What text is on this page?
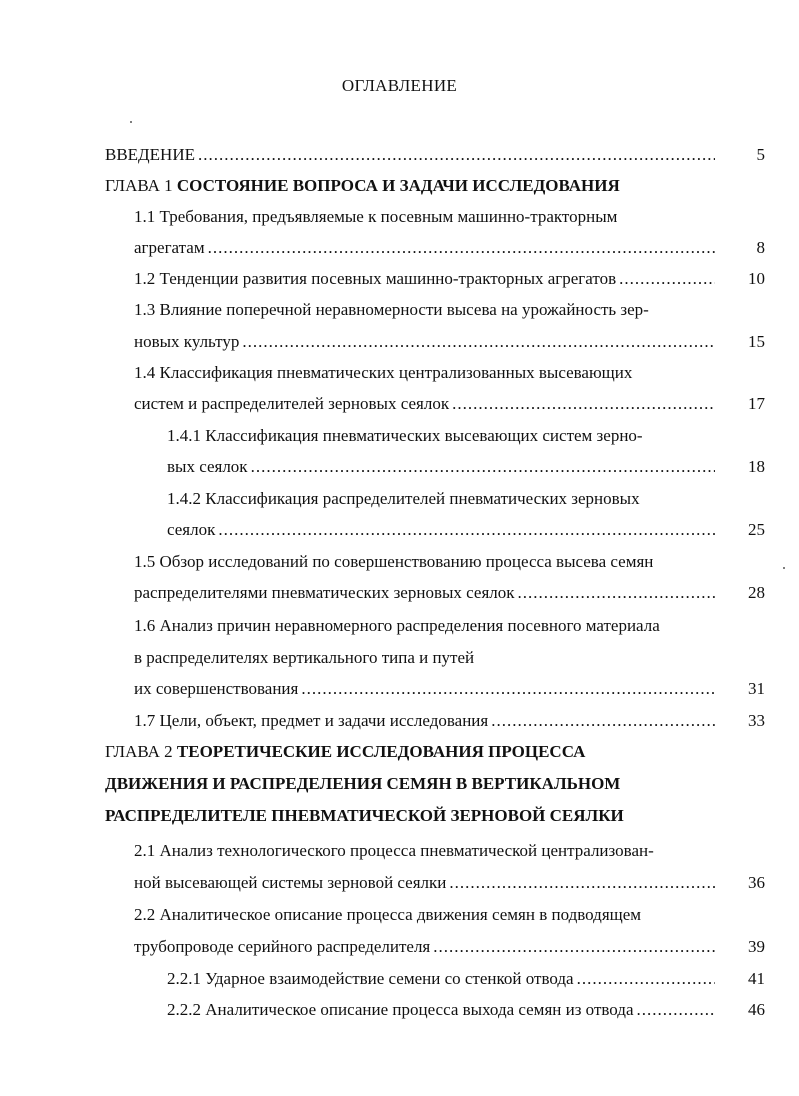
ОГЛАВЛЕНИЕ
ВВЕДЕНИЕ .....	5
ГЛАВА 1 СОСТОЯНИЕ ВОПРОСА И ЗАДАЧИ ИССЛЕДОВАНИЯ
1.1 Требования, предъявляемые к посевным машинно-тракторным
агрегатам .....	8
1.2 Тенденции развития посевных машинно-тракторных агрегатов .....	10
1.3 Влияние поперечной неравномерности высева на урожайность зер-
новых культур .....	15
1.4 Классификация пневматических централизованных высевающих
систем и распределителей зерновых сеялок .....	17
1.4.1 Классификация пневматических высевающих систем зерно-
вых сеялок .....	18
1.4.2 Классификация распределителей пневматических зерновых
сеялок .....	25
1.5 Обзор исследований по совершенствованию процесса высева семян
распределителями пневматических зерновых сеялок .....	28
1.6 Анализ причин неравномерного распределения посевного материала
в распределителях вертикального типа и путей
их совершенствования .....	31
1.7 Цели, объект, предмет и задачи исследования .....	33
ГЛАВА 2 ТЕОРЕТИЧЕСКИЕ ИССЛЕДОВАНИЯ ПРОЦЕССА
ДВИЖЕНИЯ И РАСПРЕДЕЛЕНИЯ СЕМЯН В ВЕРТИКАЛЬНОМ
РАСПРЕДЕЛИТЕЛЕ ПНЕВМАТИЧЕСКОЙ ЗЕРНОВОЙ СЕЯЛКИ
2.1 Анализ технологического процесса пневматической централизован-
ной высевающей системы зерновой сеялки .....	36
2.2 Аналитическое описание процесса движения семян в подводящем
трубопроводе серийного распределителя .....	39
2.2.1 Ударное взаимодействие семени со стенкой отвода .....	41
2.2.2 Аналитическое описание процесса выхода семян из отвода .....	46
